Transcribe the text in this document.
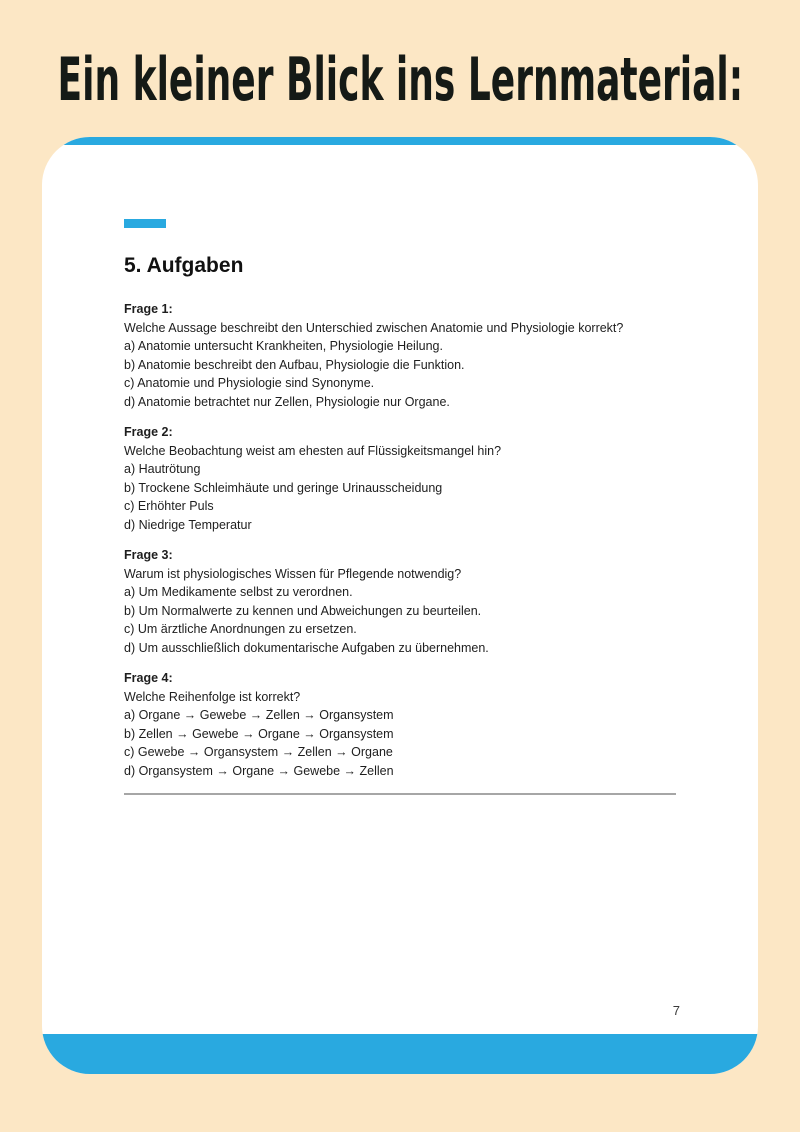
Ein kleiner Blick ins Lernmaterial:
5. Aufgaben
Frage 1:
Welche Aussage beschreibt den Unterschied zwischen Anatomie und Physiologie korrekt?
a) Anatomie untersucht Krankheiten, Physiologie Heilung.
b) Anatomie beschreibt den Aufbau, Physiologie die Funktion.
c) Anatomie und Physiologie sind Synonyme.
d) Anatomie betrachtet nur Zellen, Physiologie nur Organe.
Frage 2:
Welche Beobachtung weist am ehesten auf Flüssigkeitsmangel hin?
a) Hautrötung
b) Trockene Schleimhäute und geringe Urinausscheidung
c) Erhöhter Puls
d) Niedrige Temperatur
Frage 3:
Warum ist physiologisches Wissen für Pflegende notwendig?
a) Um Medikamente selbst zu verordnen.
b) Um Normalwerte zu kennen und Abweichungen zu beurteilen.
c) Um ärztliche Anordnungen zu ersetzen.
d) Um ausschließlich dokumentarische Aufgaben zu übernehmen.
Frage 4:
Welche Reihenfolge ist korrekt?
a) Organe → Gewebe → Zellen → Organsystem
b) Zellen → Gewebe → Organe → Organsystem
c) Gewebe → Organsystem → Zellen → Organe
d) Organsystem → Organe → Gewebe → Zellen
7
